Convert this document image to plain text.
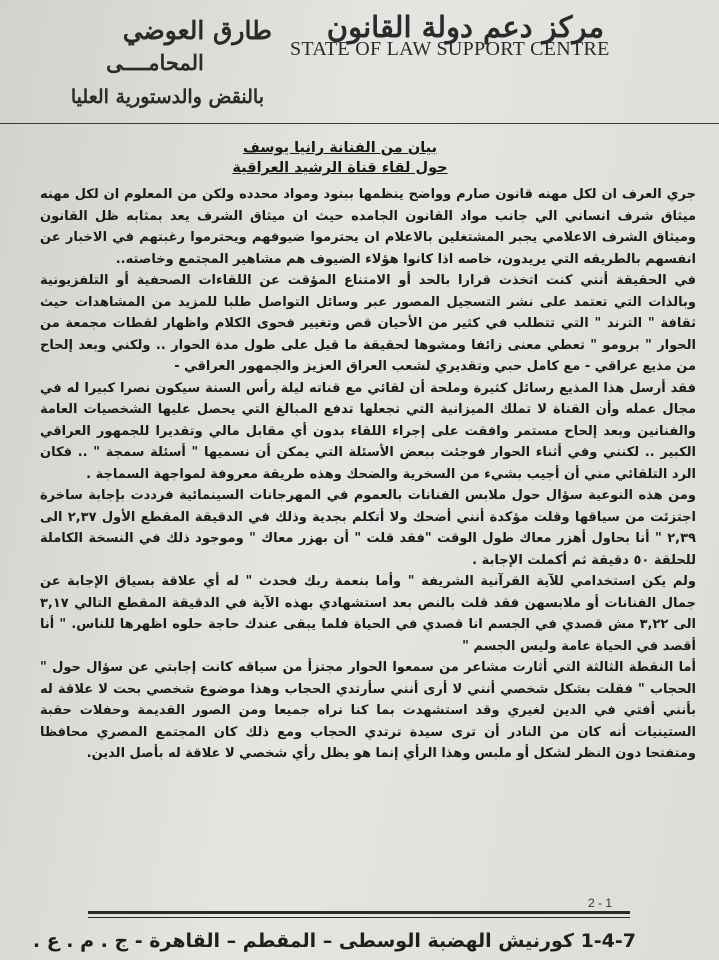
مركز دعم دولة القانون
STATE OF LAW SUPPORT CENTRE
طارق العوضي
المحامــــى
بالنقض والدستورية العليا
بيان من الفنانة رانيا يوسف
حول لقاء قناة الرشيد العراقية

جري العرف ان لكل مهنه قانون صارم وواضح ينظمها ببنود ومواد محدده ولكن من المعلوم ان لكل مهنه ميثاق شرف انساني الي جانب مواد القانون الجامده حيث ان ميثاق الشرف يعد بمثابه ظل القانون وميثاق الشرف الاعلامي يجبر المشتغلين بالاعلام ان يحترموا ضيوفهم ويحترموا رغبتهم في الاخبار عن انفسهم بالطريقه التي يريدون، خاصه اذا كانوا هؤلاء الضيوف هم مشاهير المجتمع وخاصته..

في الحقيقة أنني كنت اتخذت قرارا بالحد أو الامتناع المؤقت عن اللقاءات الصحفية أو التلفزيونية وبالذات التي تعتمد على نشر التسجيل المصور عبر وسائل التواصل طلبا للمزيد من المشاهدات حيث ثقافة " الترند " التي تتطلب في كثير من الأحيان قص وتغيير فحوى الكلام واظهار لقطات مجمعة من الحوار " برومو " تعطي معنى زائفا ومشوها لحقيقة ما قيل على طول مدة الحوار .. ولكني وبعد إلحاح من مذيع عراقي - مع كامل حبي وتقديري لشعب العراق العزيز والجمهور العراقي -

فقد أرسل هذا المذيع رسائل كثيرة وملحة أن لقائي مع قناته ليلة رأس السنة سيكون نصرا كبيرا له في مجال عمله وأن القناة لا تملك الميزانية التي تجعلها تدفع المبالغ التي يحصل عليها الشخصيات العامة والفنانين وبعد إلحاح مستمر وافقت على إجراء اللقاء بدون أي مقابل مالي وتقديرا للجمهور العراقي الكبير .. لكنني وفي أثناء الحوار فوجئت ببعض الأسئلة التي يمكن أن نسميها " أسئلة سمجة " .. فكان الرد التلقائي مني أن أجيب بشيء من السخرية والضحك وهذه طريقة معروفة لمواجهة السماجة .

ومن هذه النوعية سؤال حول ملابس الفنانات بالعموم في المهرجانات السينمائية فرددت بإجابة ساخرة اجتزئت من سياقها وقلت مؤكدة أنني أضحك ولا أتكلم بجدية وذلك في الدقيقة المقطع الأول ٢,٣٧ الى ٢,٣٩ " أنا بحاول أهزر معاك طول الوقت "فقد قلت " أن بهزر معاك " وموجود ذلك في النسخة الكاملة للحلقة ٥٠ دقيقة ثم أكملت الإجابة .

ولم يكن استخدامي للآية القرآنية الشريفة " وأما بنعمة ربك فحدث " له أي علاقة بسياق الإجابة عن جمال الفنانات أو ملابسهن فقد قلت بالنص بعد استشهادي بهذه الآية في الدقيقة المقطع التالي ٣,١٧ الى ٣,٢٢ مش قصدي في الجسم انا قصدي في الحياة فلما يبقى عندك حاجة حلوه اظهرها للناس. " أنا أقصد في الحياة عامة وليس الجسم "

أما النقطة الثالثة التي أثارت مشاعر من سمعوا الحوار مجتزأ من سياقه كانت إجابتي عن سؤال حول " الحجاب " فقلت بشكل شخصي أنني لا أرى أنني سأرتدي الحجاب وهذا موضوع شخصي بحت لا علاقة له بأنني أفتي في الدين لغيري وقد استشهدت بما كنا نراه جميعا ومن الصور القديمة وحفلات حقبة الستينيات أنه كان من النادر أن ترى سيدة ترتدي الحجاب ومع ذلك كان المجتمع المصري محافظا ومتفتحا دون النظر لشكل أو ملبس وهذا الرأي إنما هو يظل رأي شخصي لا علاقة له بأصل الدين.

2 - 1
1-4-7 كورنيش الهضبة الوسطى – المقطم – القاهرة - ج . م . ع .
